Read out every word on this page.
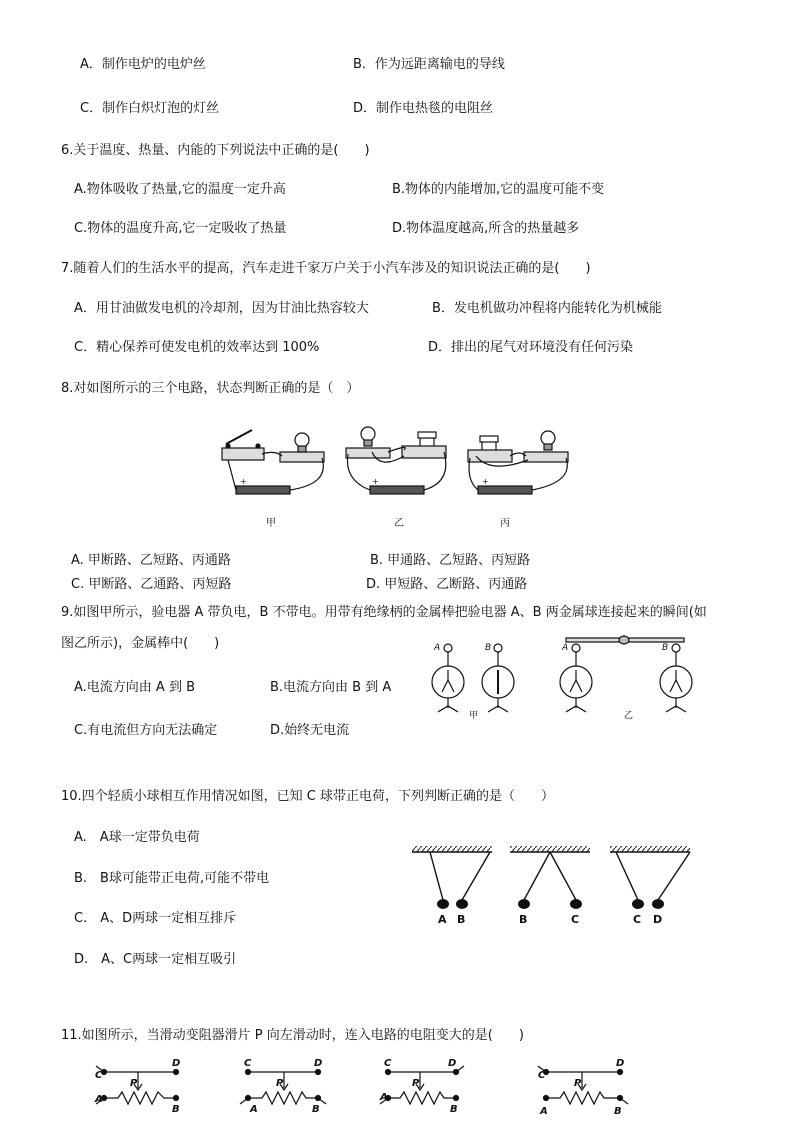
A．制作电炉的电炉丝	B．作为远距离输电的导线
C．制作白炽灯泡的灯丝	D．制作电热毯的电阻丝
6.关于温度、热量、内能的下列说法中正确的是(　　)
A.物体吸收了热量,它的温度一定升高	B.物体的内能增加,它的温度可能不变
C.物体的温度升高,它一定吸收了热量	D.物体温度越高,所含的热量越多
7.随着人们的生活水平的提高，汽车走进千家万户关于小汽车涉及的知识说法正确的是(　　)
A．用甘油做发电机的冷却剂，因为甘油比热容较大	B．发电机做功冲程将内能转化为机械能
C．精心保养可使发电机的效率达到 100%	D．排出的尾气对环境没有任何污染
8.对如图所示的三个电路，状态判断正确的是（　）
+	+	+
甲	乙	丙
A. 甲断路、乙短路、丙通路	B. 甲通路、乙短路、丙短路
C. 甲断路、乙通路、丙短路	D. 甲短路、乙断路、丙通路
9.如图甲所示，验电器 A 带负电，B 不带电。用带有绝缘柄的金属棒把验电器 A、B 两金属球连接起来的瞬间(如
图乙所示)，金属棒中(　　)	A	B	A	B
甲	乙
A.电流方向由 A 到 B	B.电流方向由 B 到 A
C.有电流但方向无法确定	D.始终无电流
10.四个轻质小球相互作用情况如图，已知 C 球带正电荷，下列判断正确的是（　　）
A.　A球一定带负电荷
B.　B球可能带正电荷,可能不带电
C.　A、D两球一定相互排斥
D.　A、C两球一定相互吸引
A B	B	C	C D
11.如图所示，当滑动变阻器滑片 P 向左滑动时，连入电路的电阻变大的是(　　)
C
D
P
A
B
C	D
P
A	B
C	D
P
A
B
C
D
P
A	B
